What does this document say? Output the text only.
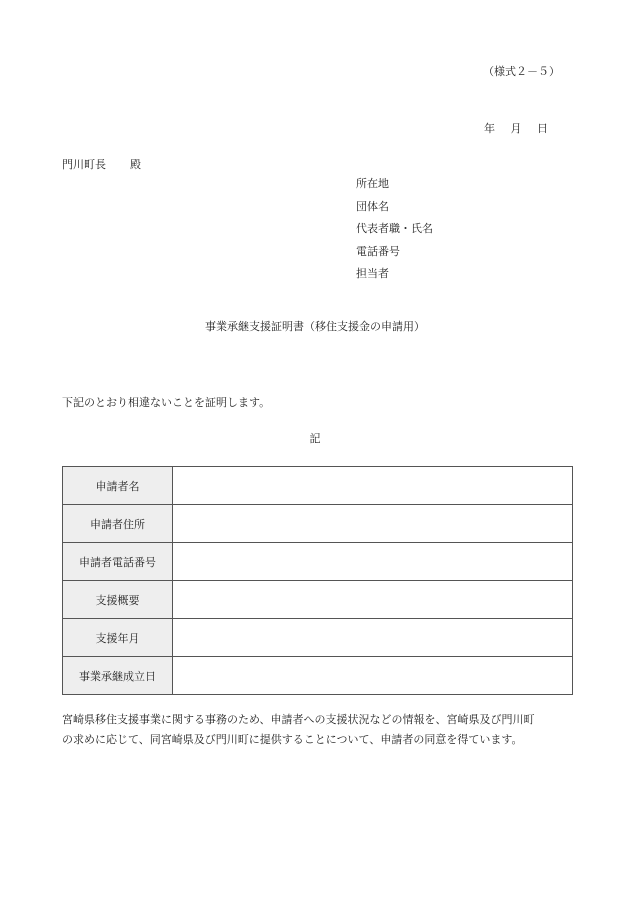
（様式２－５）
年 月 日
門川町長 殿
所在地
団体名
代表者職・氏名
電話番号
担当者
事業承継支援証明書（移住支援金の申請用）
下記のとおり相違ないことを証明します。
記
申請者名	
申請者住所	
申請者電話番号	
支援概要	
支援年月	
事業承継成立日	
宮崎県移住支援事業に関する事務のため、申請者への支援状況などの情報を、宮崎県及び門川町
の求めに応じて、同宮崎県及び門川町に提供することについて、申請者の同意を得ています。
